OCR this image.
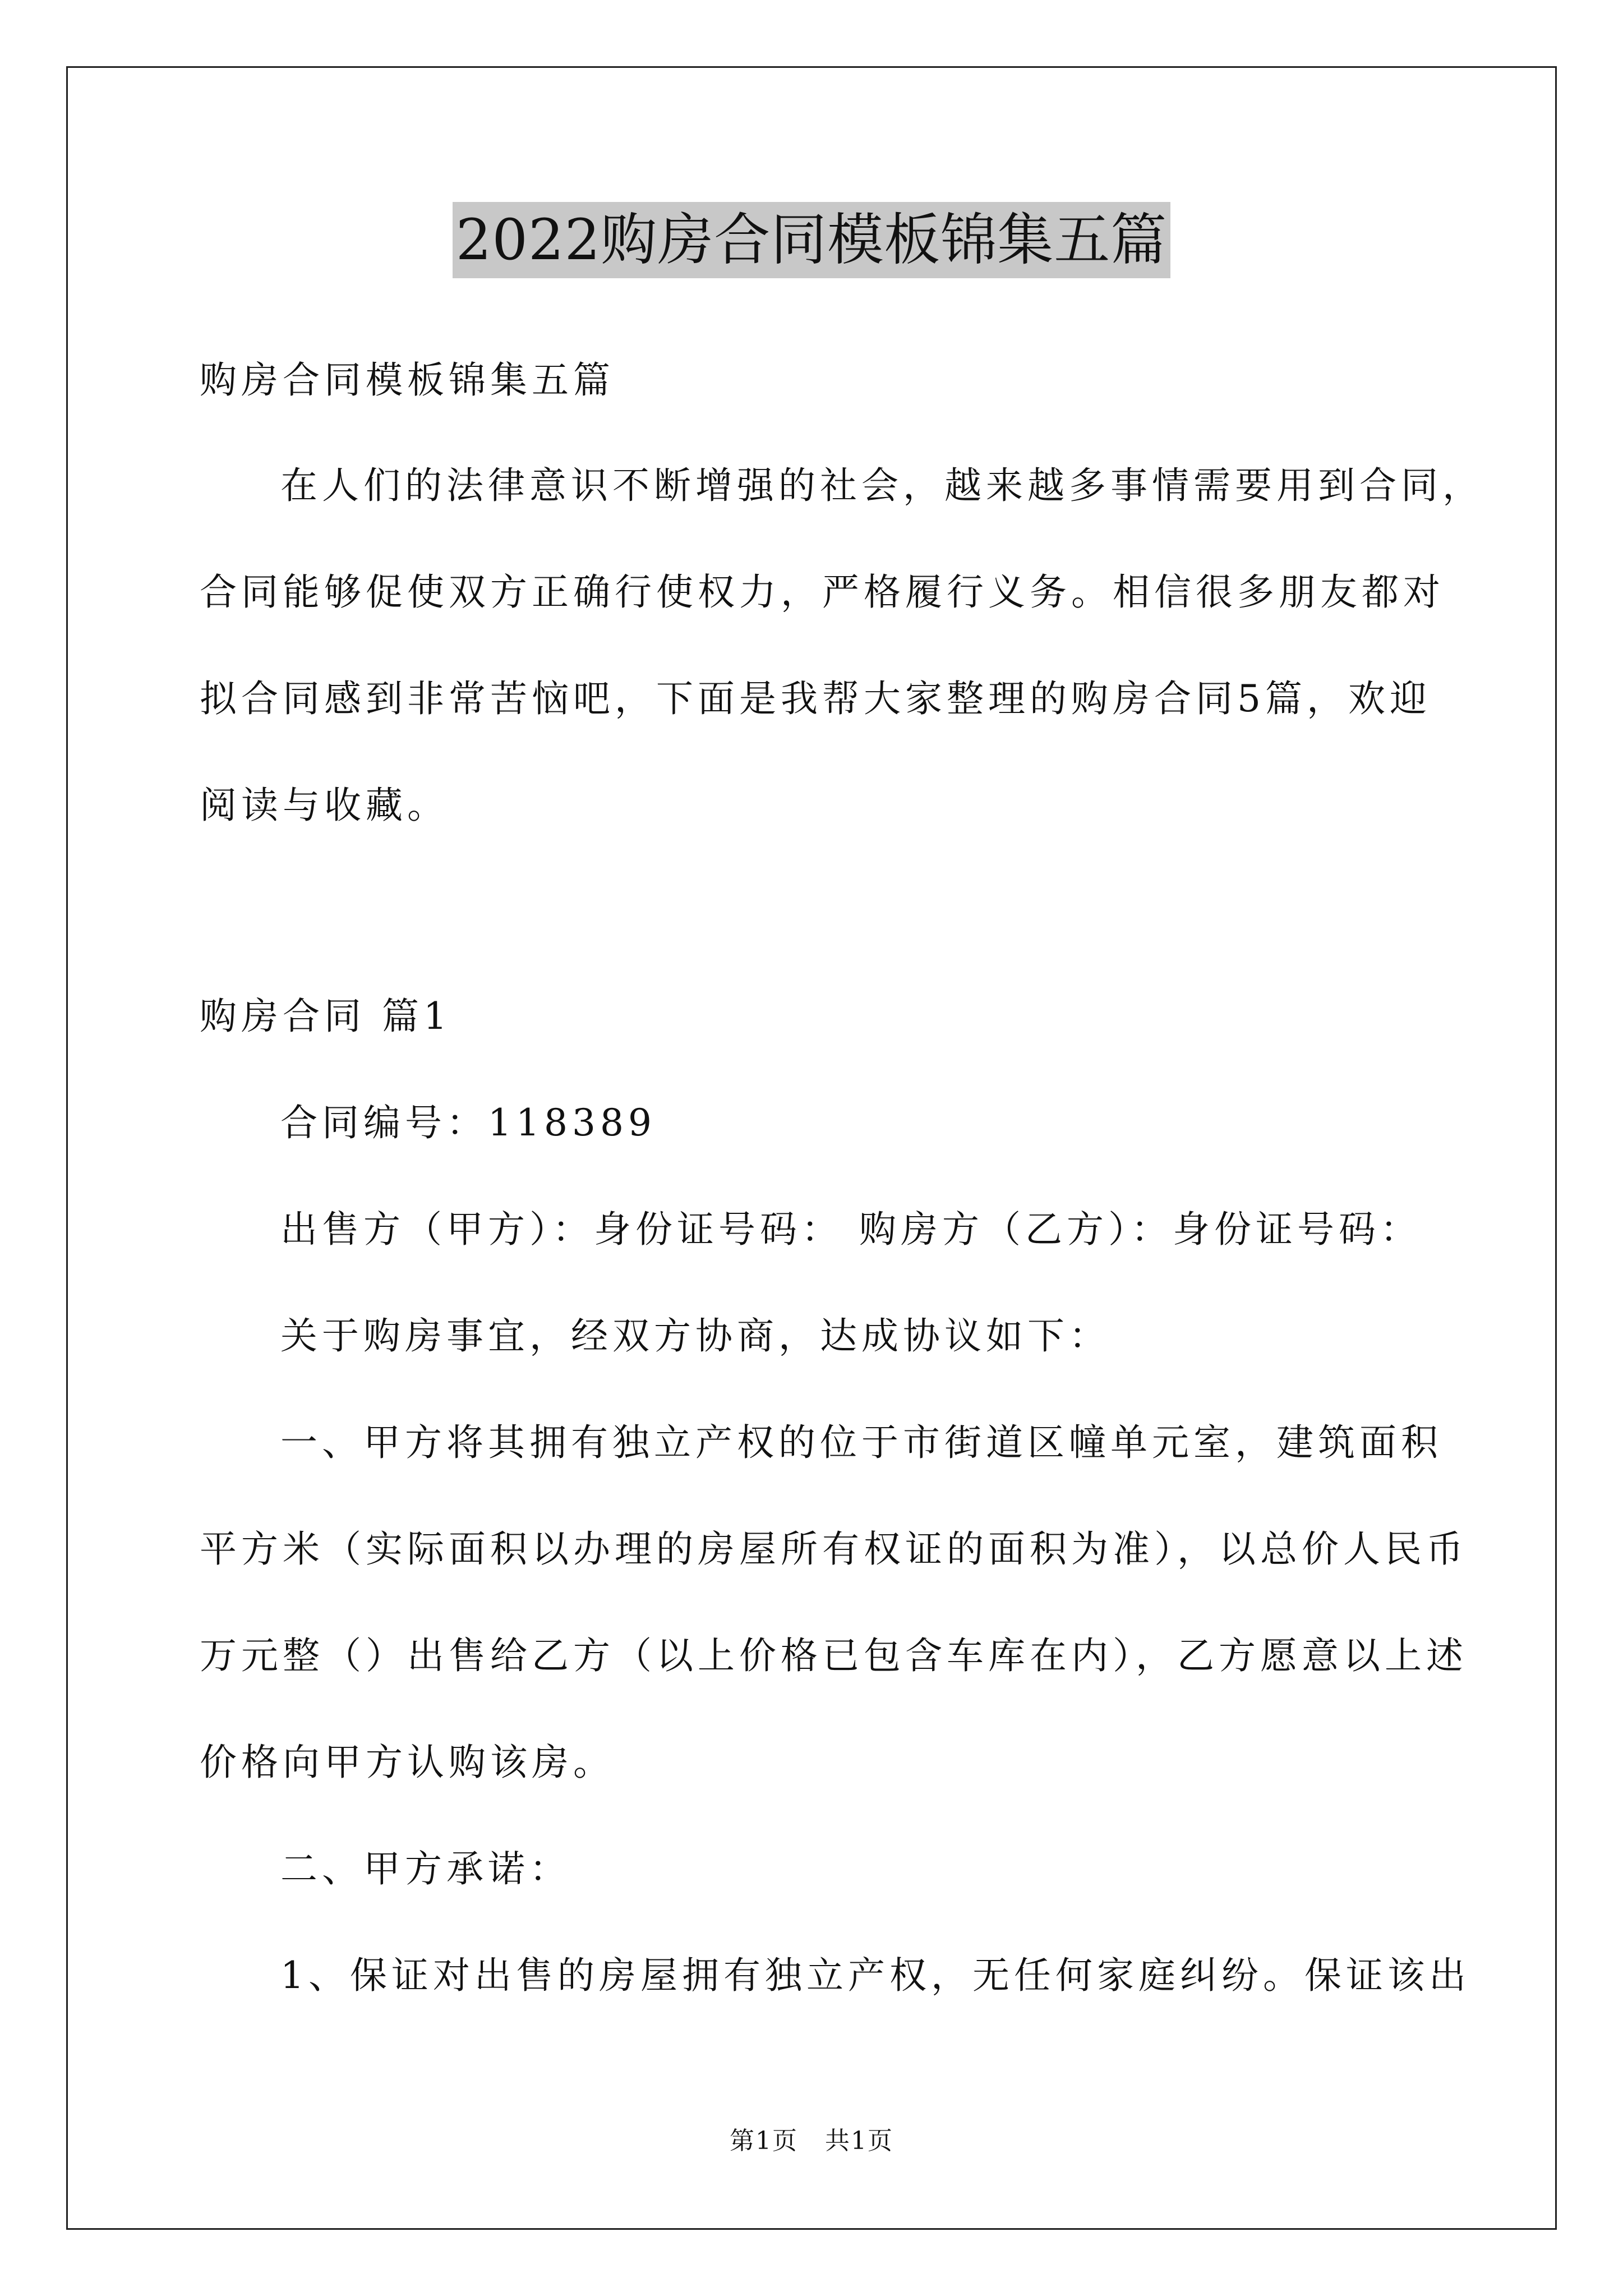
2022购房合同模板锦集五篇
购房合同模板锦集五篇
在人们的法律意识不断增强的社会，越来越多事情需要用到合同，
合同能够促使双方正确行使权力，严格履行义务。相信很多朋友都对
拟合同感到非常苦恼吧，下面是我帮大家整理的购房合同5篇，欢迎
阅读与收藏。
购房合同 篇1
合同编号：118389
出售方（甲方）：身份证号码： 购房方（乙方）：身份证号码：
关于购房事宜，经双方协商，达成协议如下：
一、甲方将其拥有独立产权的位于市街道区幢单元室，建筑面积
平方米（实际面积以办理的房屋所有权证的面积为准），以总价人民币
万元整（）出售给乙方（以上价格已包含车库在内），乙方愿意以上述
价格向甲方认购该房。
二、甲方承诺：
1、保证对出售的房屋拥有独立产权，无任何家庭纠纷。保证该出
第1页   共1页
